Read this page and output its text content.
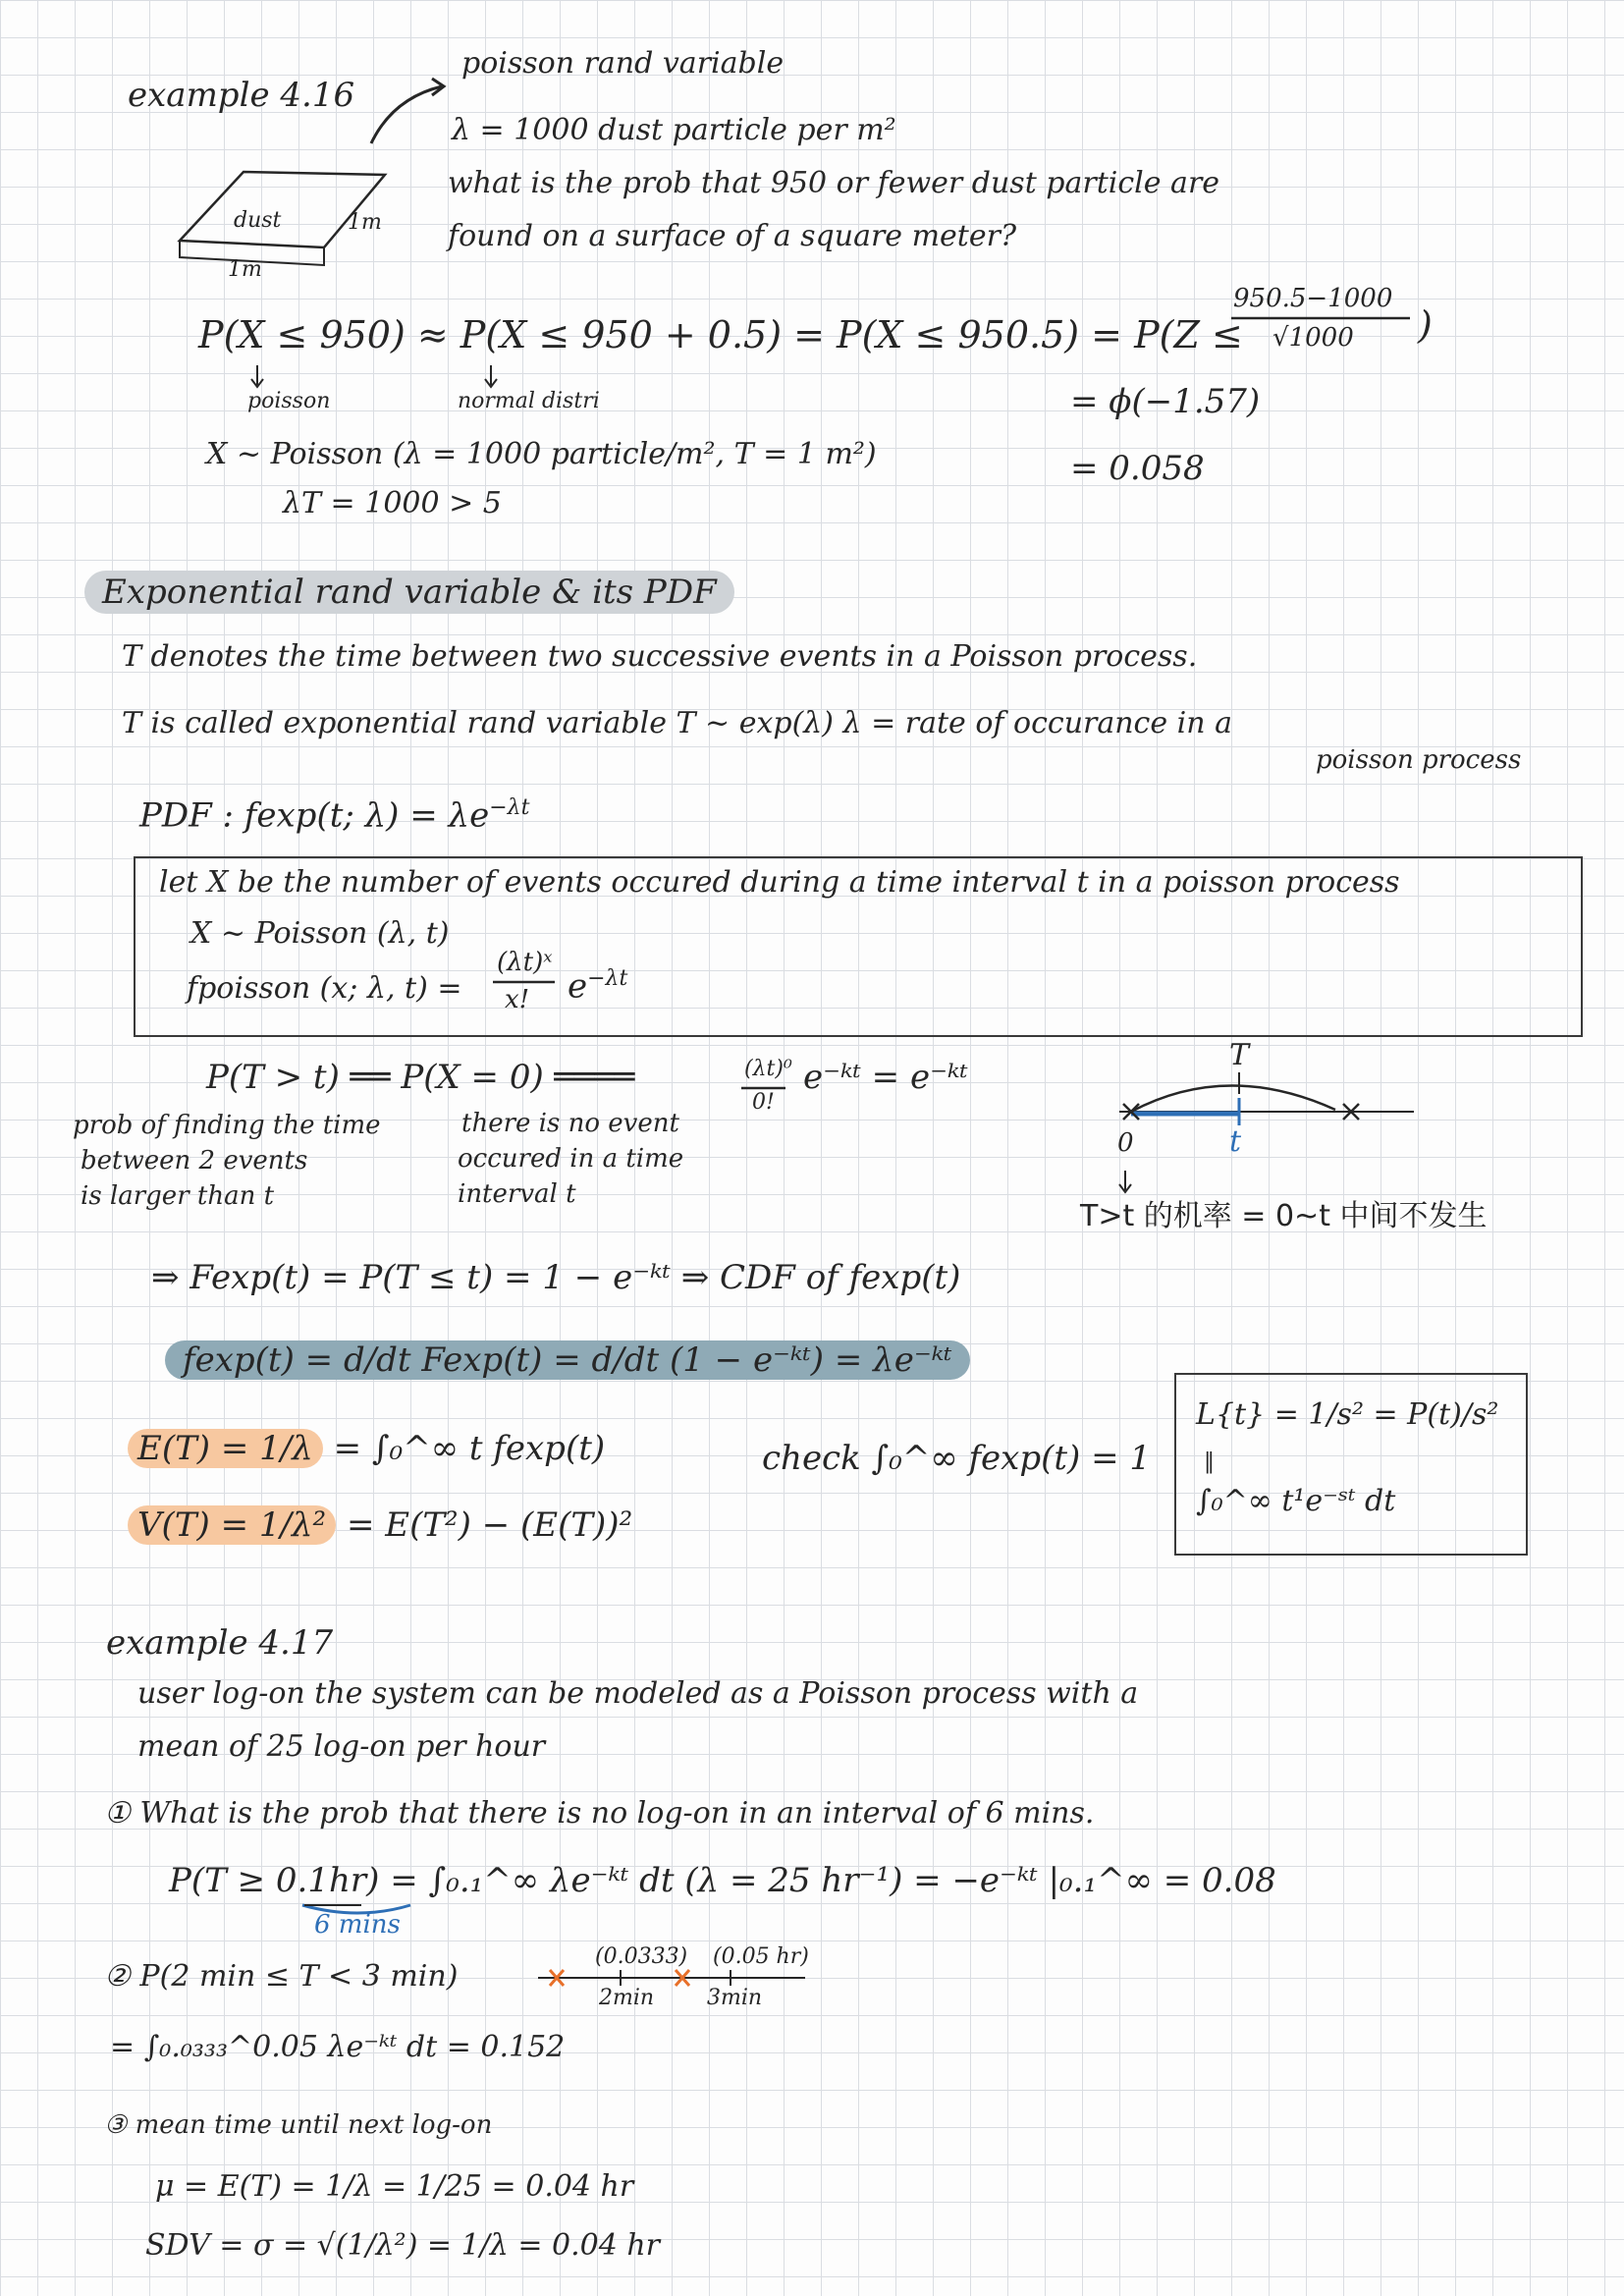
example 4.16
poisson rand variable
λ = 1000 dust particle per m²
what is the prob that 950 or fewer dust particle are
found on a surface of a square meter?
dust	1m
1m
P(X ≤ 950) ≈ P(X ≤ 950 + 0.5) = P(X ≤ 950.5) = P(Z ≤
950.5−1000
√1000 )
poisson	normal distri	= ϕ(−1.57)
= 0.058
X ~ Poisson (λ = 1000 particle/m², T = 1 m²)
λT = 1000 > 5
Exponential rand variable & its PDF
T denotes the time between two successive events in a Poisson process.
T is called exponential rand variable T ~ exp(λ) λ = rate of occurance in a
poisson process
PDF : fexp(t; $\lambda) = \lambda e^{-\lambda t}$
let X be the number of events occured during a time interval t in a poisson process
X ~ Poisson (λ, t)
fpoisson (x; λ, t) =
(λt)ˣ
x! $e^{-\lambda t}$
P(T > t) ══ P(X = 0) ════	(λt)⁰
0!
e⁻ᵏᵗ = e⁻ᵏᵗ
prob of finding the time
between 2 events
is larger than t
there is no event
occured in a time
interval t
T
0	t
T>t 的机率 = 0~t 中间不发生
⇒ Fexp(t) = P(T ≤ t) = 1 − e⁻ᵏᵗ ⇒ CDF of fexp(t)
fexp(t) = d/dt Fexp(t) = d/dt (1 − e⁻ᵏᵗ) = λe⁻ᵏᵗ
E(T) = 1/λ = ∫₀^∞ t fexp(t)
V(T) = 1/λ² = E(T²) − (E(T))²
check ∫₀^∞ fexp(t) = 1
L{t} = 1/s² = P(t)/s²
‖
∫₀^∞ t¹e⁻ˢᵗ dt
example 4.17
user log-on the system can be modeled as a Poisson process with a
mean of 25 log-on per hour
① What is the prob that there is no log-on in an interval of 6 mins.
P(T ≥ 0.1hr) = ∫₀.₁^∞ λe⁻ᵏᵗ dt (λ = 25 hr⁻¹) = −e⁻ᵏᵗ |₀.₁^∞ = 0.08
6 mins
② P(2 min ≤ T < 3 min)
(0.0333) (0.05 hr)
2min 3min
= ∫₀.₀₃₃₃^0.05 λe⁻ᵏᵗ dt = 0.152
③ mean time until next log-on
μ = E(T) = 1/λ = 1/25 = 0.04 hr
SDV = σ = √(1/λ²) = 1/λ = 0.04 hr
